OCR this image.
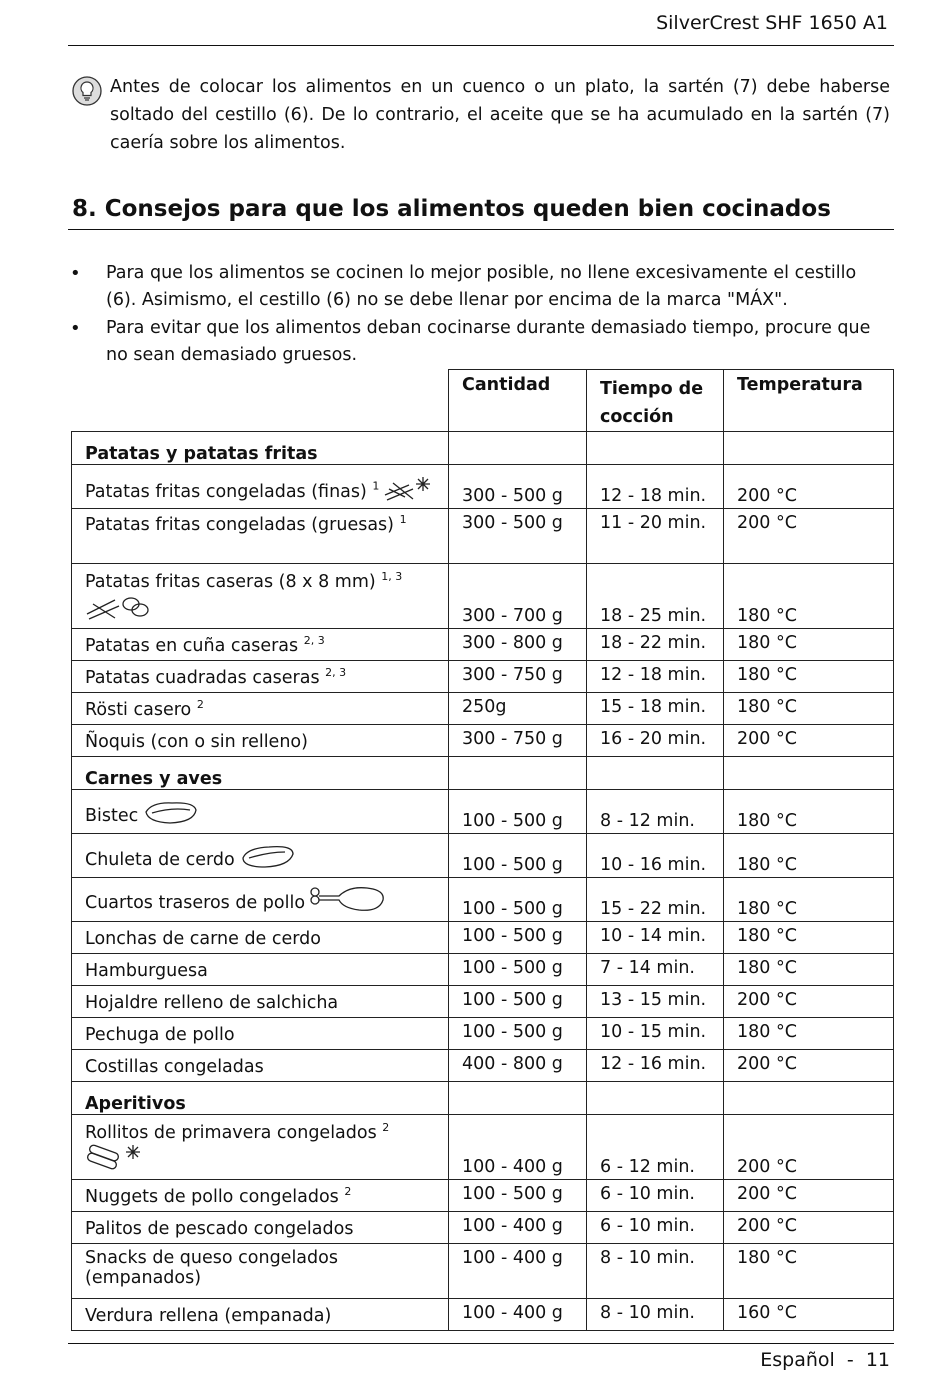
SilverCrest SHF 1650 A1
Antes de colocar los alimentos en un cuenco o un plato, la sartén (7) debe haberse soltado del cestillo (6). De lo contrario, el aceite que se ha acumulado en la sartén (7) caería sobre los alimentos.
8. Consejos para que los alimentos queden bien cocinados
• Para que los alimentos se cocinen lo mejor posible, no llene excesivamente el cestillo (6). Asimismo, el cestillo (6) no se debe llenar por encima de la marca "MÁX".
• Para evitar que los alimentos deban cocinarse durante demasiado tiempo, procure que no sean demasiado gruesos.
	Cantidad	Tiempo de cocción	Temperatura
Patatas y patatas fritas			
Patatas fritas congeladas (finas) $^1$	300 - 500 g	12 - 18 min.	200 °C
Patatas fritas congeladas (gruesas) $^1$	300 - 500 g	11 - 20 min.	200 °C

Patatas fritas caseras (8 x 8 mm) $^{1, 3}$	300 - 700 g	18 - 25 min.	180 °C
Patatas en cuña caseras $^{2, 3}$	300 - 800 g	18 - 22 min.	180 °C
Patatas cuadradas caseras $^{2, 3}$	300 - 750 g	12 - 18 min.	180 °C
Rösti casero $^2$	250g	15 - 18 min.	180 °C
Ñoquis (con o sin relleno)	300 - 750 g	16 - 20 min.	200 °C
Carnes y aves			
Bistec	100 - 500 g	8 - 12 min.	180 °C
Chuleta de cerdo	100 - 500 g	10 - 16 min.	180 °C
Cuartos traseros de pollo	100 - 500 g	15 - 22 min.	180 °C
Lonchas de carne de cerdo	100 - 500 g	10 - 14 min.	180 °C
Hamburguesa	100 - 500 g	7 - 14 min.	180 °C
Hojaldre relleno de salchicha	100 - 500 g	13 - 15 min.	200 °C
Pechuga de pollo	100 - 500 g	10 - 15 min.	180 °C
Costillas congeladas	400 - 800 g	12 - 16 min.	200 °C
Aperitivos			

Rollitos de primavera congelados $^2$	100 - 400 g	6 - 12 min.	200 °C
Nuggets de pollo congelados $^2$	100 - 500 g	6 - 10 min.	200 °C
Palitos de pescado congelados	100 - 400 g	6 - 10 min.	200 °C
Snacks de queso congelados (empanados)	100 - 400 g	8 - 10 min.	180 °C
Verdura rellena (empanada)	100 - 400 g	8 - 10 min.	160 °C
Español  -  11
